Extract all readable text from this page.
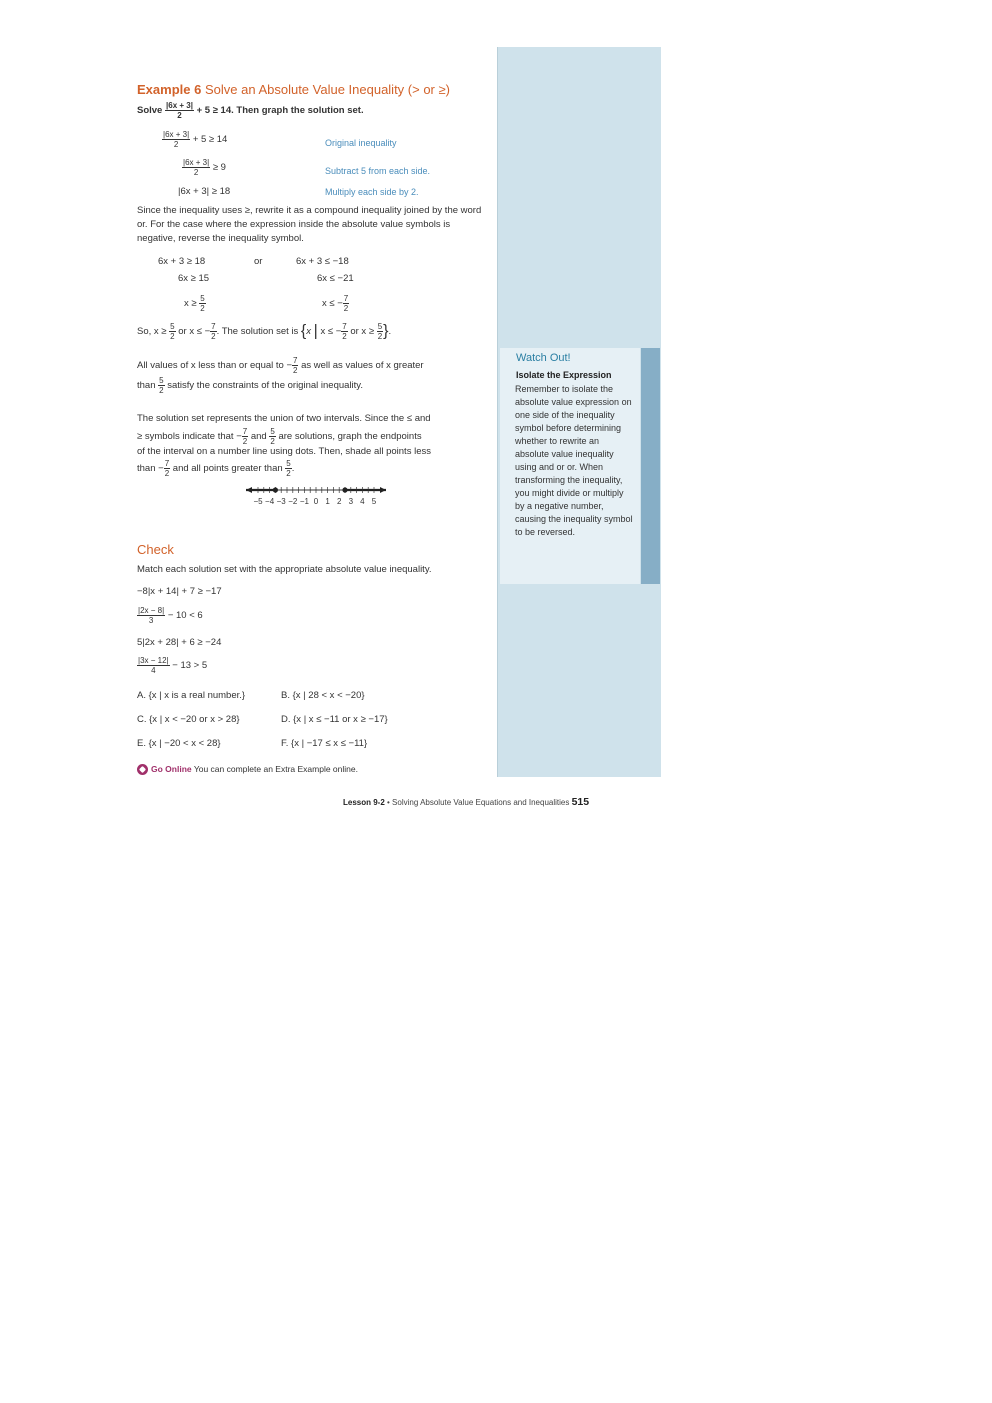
Watch Out!
Isolate the Expression
Remember to isolate the absolute value expression on one side of the inequality symbol before determining whether to rewrite an absolute value inequality using and or or. When transforming the inequality, you might divide or multiply by a negative number, causing the inequality symbol to be reversed.
Example 6 Solve an Absolute Value Inequality (> or ≥)
Solve $\frac{|6x + 3|}{2} + 5 \ge 14$. Then graph the solution set.
$\frac{|6x + 3|}{2} + 5 \ge 14$	Original inequality
$\frac{|6x + 3|}{2} \ge 9$	Subtract 5 from each side.
|6x + 3| ≥ 18	Multiply each side by 2.
Since the inequality uses ≥, rewrite it as a compound inequality joined by the word or. For the case where the expression inside the absolute value symbols is negative, reverse the inequality symbol.
6x + 3 ≥ 18	or	6x + 3 ≤ −18
6x ≥ 15	6x ≤ −21
$x \ge \frac{5}{2}$	x ≤ − $\frac{7}{2}$
So, $x \ge \frac{5}{2}$ or x ≤ − $\frac{7}{2}$ . The solution set is {x | x ≤ − $\frac{7}{2}$ or $x \ge \frac{5}{2}$ }.
All values of x less than or equal to − $\frac{7}{2}$ as well as values of x greater
than $\frac{5}{2}$ satisfy the constraints of the original inequality.
The solution set represents the union of two intervals. Since the ≤ and
≥ symbols indicate that − $\frac{7}{2}$ and $\frac{5}{2}$ are solutions, graph the endpoints
of the interval on a number line using dots. Then, shade all points less
than − $\frac{7}{2}$ and all points greater than $\frac{5}{2}$ .
−5 −4 −3 −2 −1 0 1 2 3 4 5
Check
Match each solution set with the appropriate absolute value inequality.
−8|x + 14| + 7 ≥ −17
$\frac{|2x - 8|}{3} - 10 < 6$
5|2x + 28| + 6 ≥ −24
$\frac{|3x - 12|}{4} - 13 > 5$
A. {x | x is a real number.}	B. {x | 28 < x < −20}
C. {x | x < −20 or x > 28}	D. {x | x ≤ −11 or x ≥ −17}
E. {x | −20 < x < 28}	F. {x | −17 ≤ x ≤ −11}
Go Online You can complete an Extra Example online.
Lesson 9-2 • Solving Absolute Value Equations and Inequalities 515
